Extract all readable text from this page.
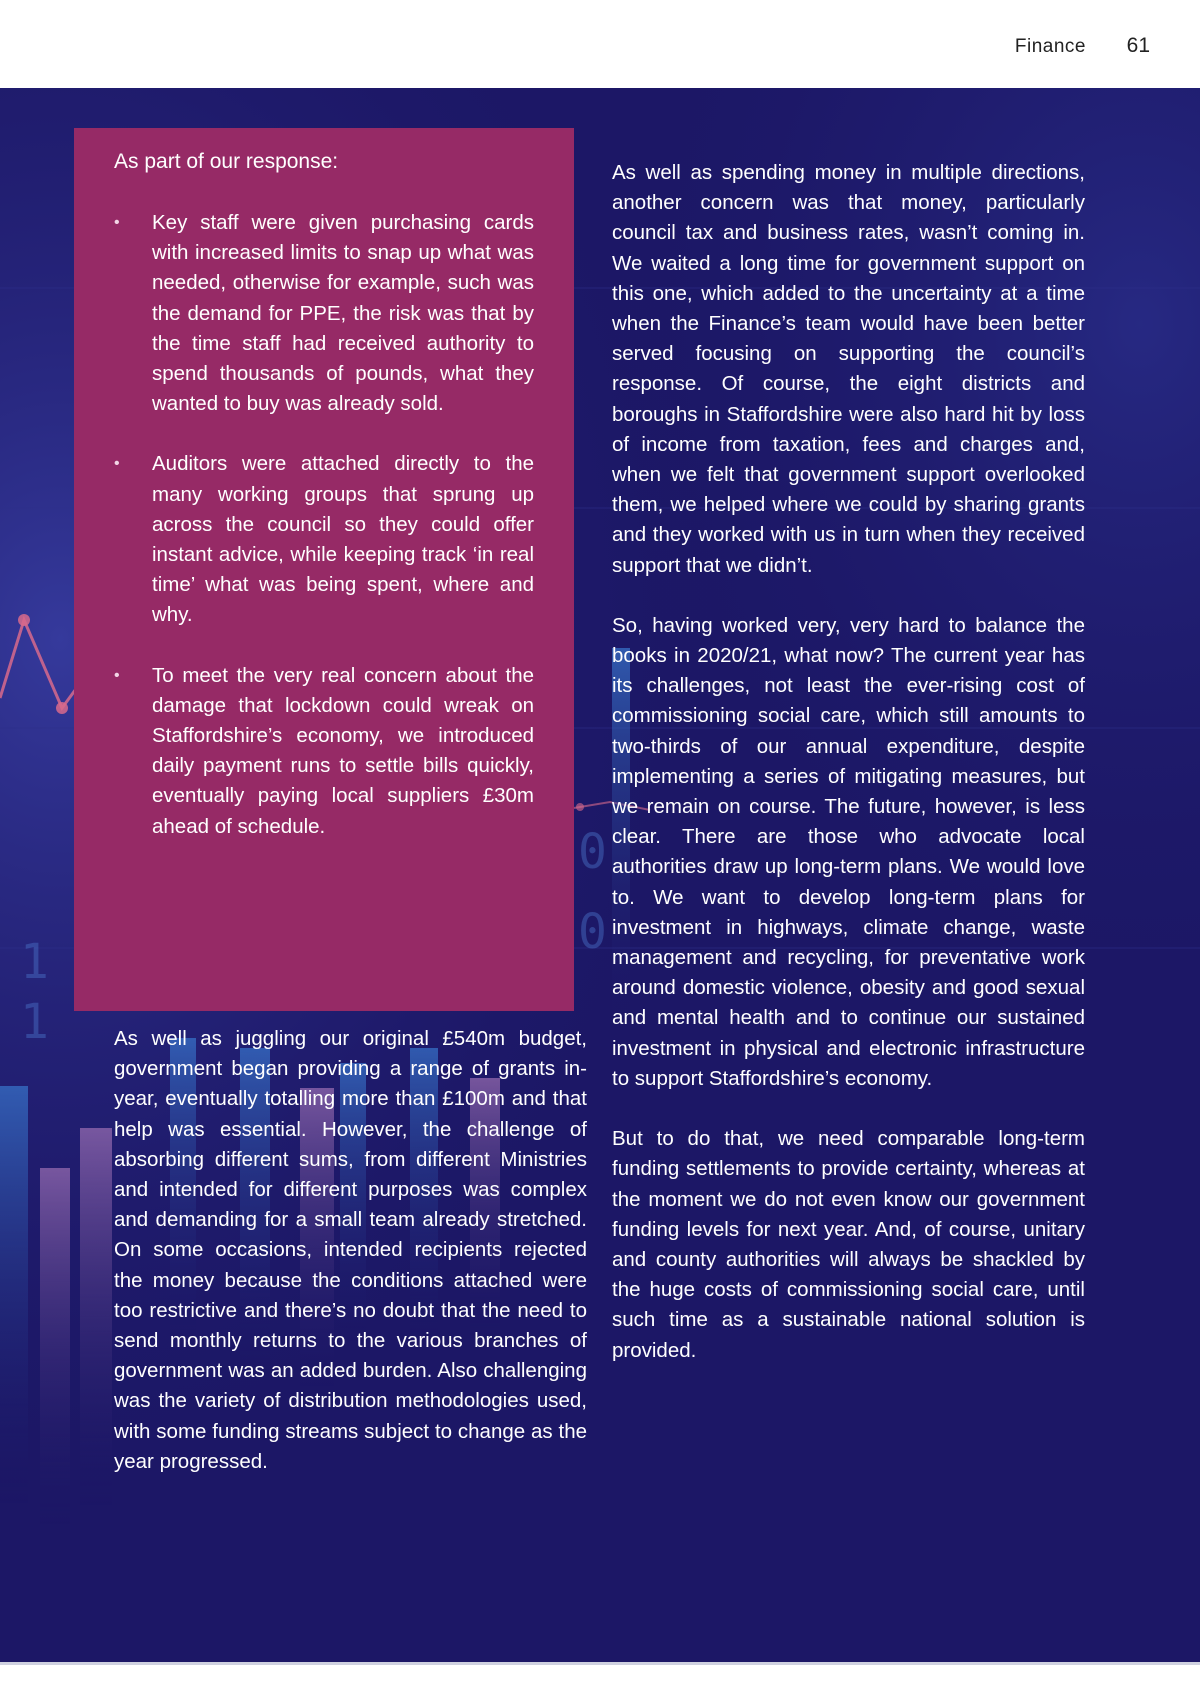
Finance 61
1
1
0
0
As part of our response:
• Key staff were given purchasing cards with increased limits to snap up what was needed, otherwise for example, such was the demand for PPE, the risk was that by the time staff had received authority to spend thousands of pounds, what they wanted to buy was already sold.
• Auditors were attached directly to the many working groups that sprung up across the council so they could offer instant advice, while keeping track ‘in real time’ what was being spent, where and why.
• To meet the very real concern about the damage that lockdown could wreak on Staffordshire’s economy, we introduced daily payment runs to settle bills quickly, eventually paying local suppliers £30m ahead of schedule.

As well as juggling our original £540m budget, government began providing a range of grants in-year, eventually totalling more than £100m and that help was essential. However, the challenge of absorbing different sums, from different Ministries and intended for different purposes was complex and demanding for a small team already stretched. On some occasions, intended recipients rejected the money because the conditions attached were too restrictive and there’s no doubt that the need to send monthly returns to the various branches of government was an added burden. Also challenging was the variety of distribution methodologies used, with some funding streams subject to change as the year progressed.

As well as spending money in multiple directions, another concern was that money, particularly council tax and business rates, wasn’t coming in. We waited a long time for government support on this one, which added to the uncertainty at a time when the Finance’s team would have been better served focusing on supporting the council’s response. Of course, the eight districts and boroughs in Staffordshire were also hard hit by loss of income from taxation, fees and charges and, when we felt that government support overlooked them, we helped where we could by sharing grants and they worked with us in turn when they received support that we didn’t.

So, having worked very, very hard to balance the books in 2020/21, what now? The current year has its challenges, not least the ever-rising cost of commissioning social care, which still amounts to two-thirds of our annual expenditure, despite implementing a series of mitigating measures, but we remain on course. The future, however, is less clear. There are those who advocate local authorities draw up long-term plans. We would love to. We want to develop long-term plans for investment in highways, climate change, waste management and recycling, for preventative work around domestic violence, obesity and good sexual and mental health and to continue our sustained investment in physical and electronic infrastructure to support Staffordshire’s economy.

But to do that, we need comparable long-term funding settlements to provide certainty, whereas at the moment we do not even know our government funding levels for next year. And, of course, unitary and county authorities will always be shackled by the huge costs of commissioning social care, until such time as a sustainable national solution is provided.
